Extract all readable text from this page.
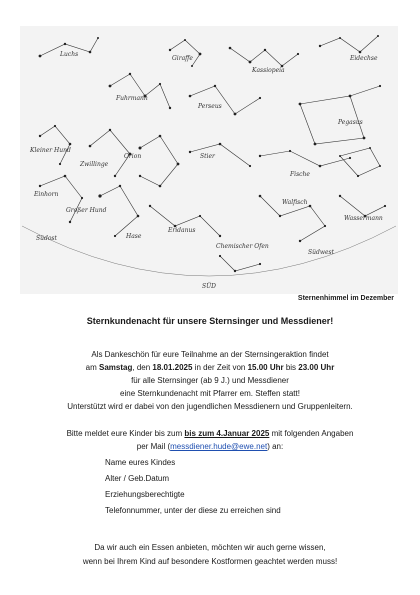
Luchs
Giraffe
Kassiopeia
Eidechse
Fuhrmann
Perseus
Pegasus
Zwillinge
Kleiner Hund
Orion	Stier
Fische
Einhorn
Walfisch
Wassermann
Großer Hund
Hase
Eridanus
Südost
Südwest
Chemischer Ofen
SÜD
Sternenhimmel im Dezember
Sternkundenacht für unsere Sternsinger und Messdiener!
Als Dankeschön für eure Teilnahme an der Sternsingeraktion findet
am Samstag, den 18.01.2025 in der Zeit von 15.00 Uhr bis 23.00 Uhr
für alle Sternsinger (ab 9 J.) und Messdiener
eine Sternkundenacht mit Pfarrer em. Steffen statt!
Unterstützt wird er dabei von den jugendlichen Messdienern und Gruppenleitern.
Bitte meldet eure Kinder bis zum bis zum 4.Januar 2025 mit folgenden Angaben
per Mail (messdiener.hude@ewe.net) an:
Name eures Kindes
Alter / Geb.Datum
Erziehungsberechtigte
Telefonnummer, unter der diese zu erreichen sind
Da wir auch ein Essen anbieten, möchten wir auch gerne wissen,
wenn bei Ihrem Kind auf besondere Kostformen geachtet werden muss!
